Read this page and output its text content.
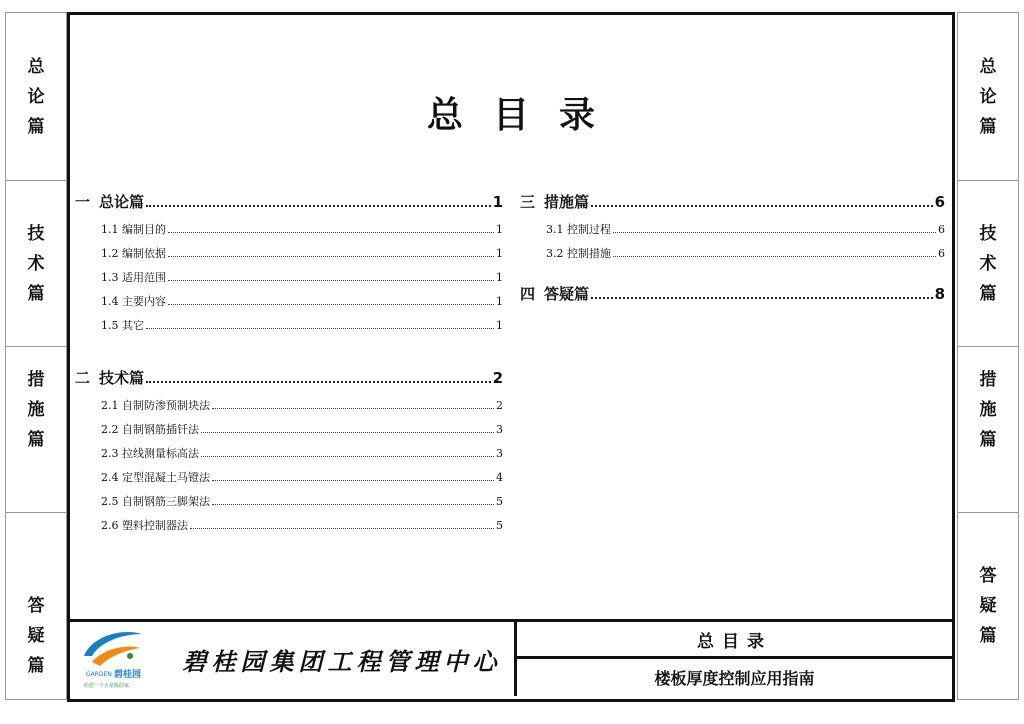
总
论
篇
技
术
篇
措
施
篇
答
疑
篇
总
论
篇
技
术
篇
措
施
篇
答
疑
篇
总目录
一 总论篇	1
1.1 编制目的	1
1.2 编制依据	1
1.3 适用范围	1
1.4 主要内容	1
1.5 其它	1
二 技术篇	2
2.1 自制防渗预制块法	2
2.2 自制钢筋插钎法	3
2.3 拉线测量标高法	3
2.4 定型混凝土马镫法	4
2.5 自制钢筋三脚架法	5
2.6 塑料控制器法	5
三 措施篇	6
3.1 控制过程	6
3.2 控制措施	6
四 答疑篇	8
GARDEN 碧桂园
给您一个五星级的家
碧桂园集团工程管理中心
总目录
楼板厚度控制应用指南
